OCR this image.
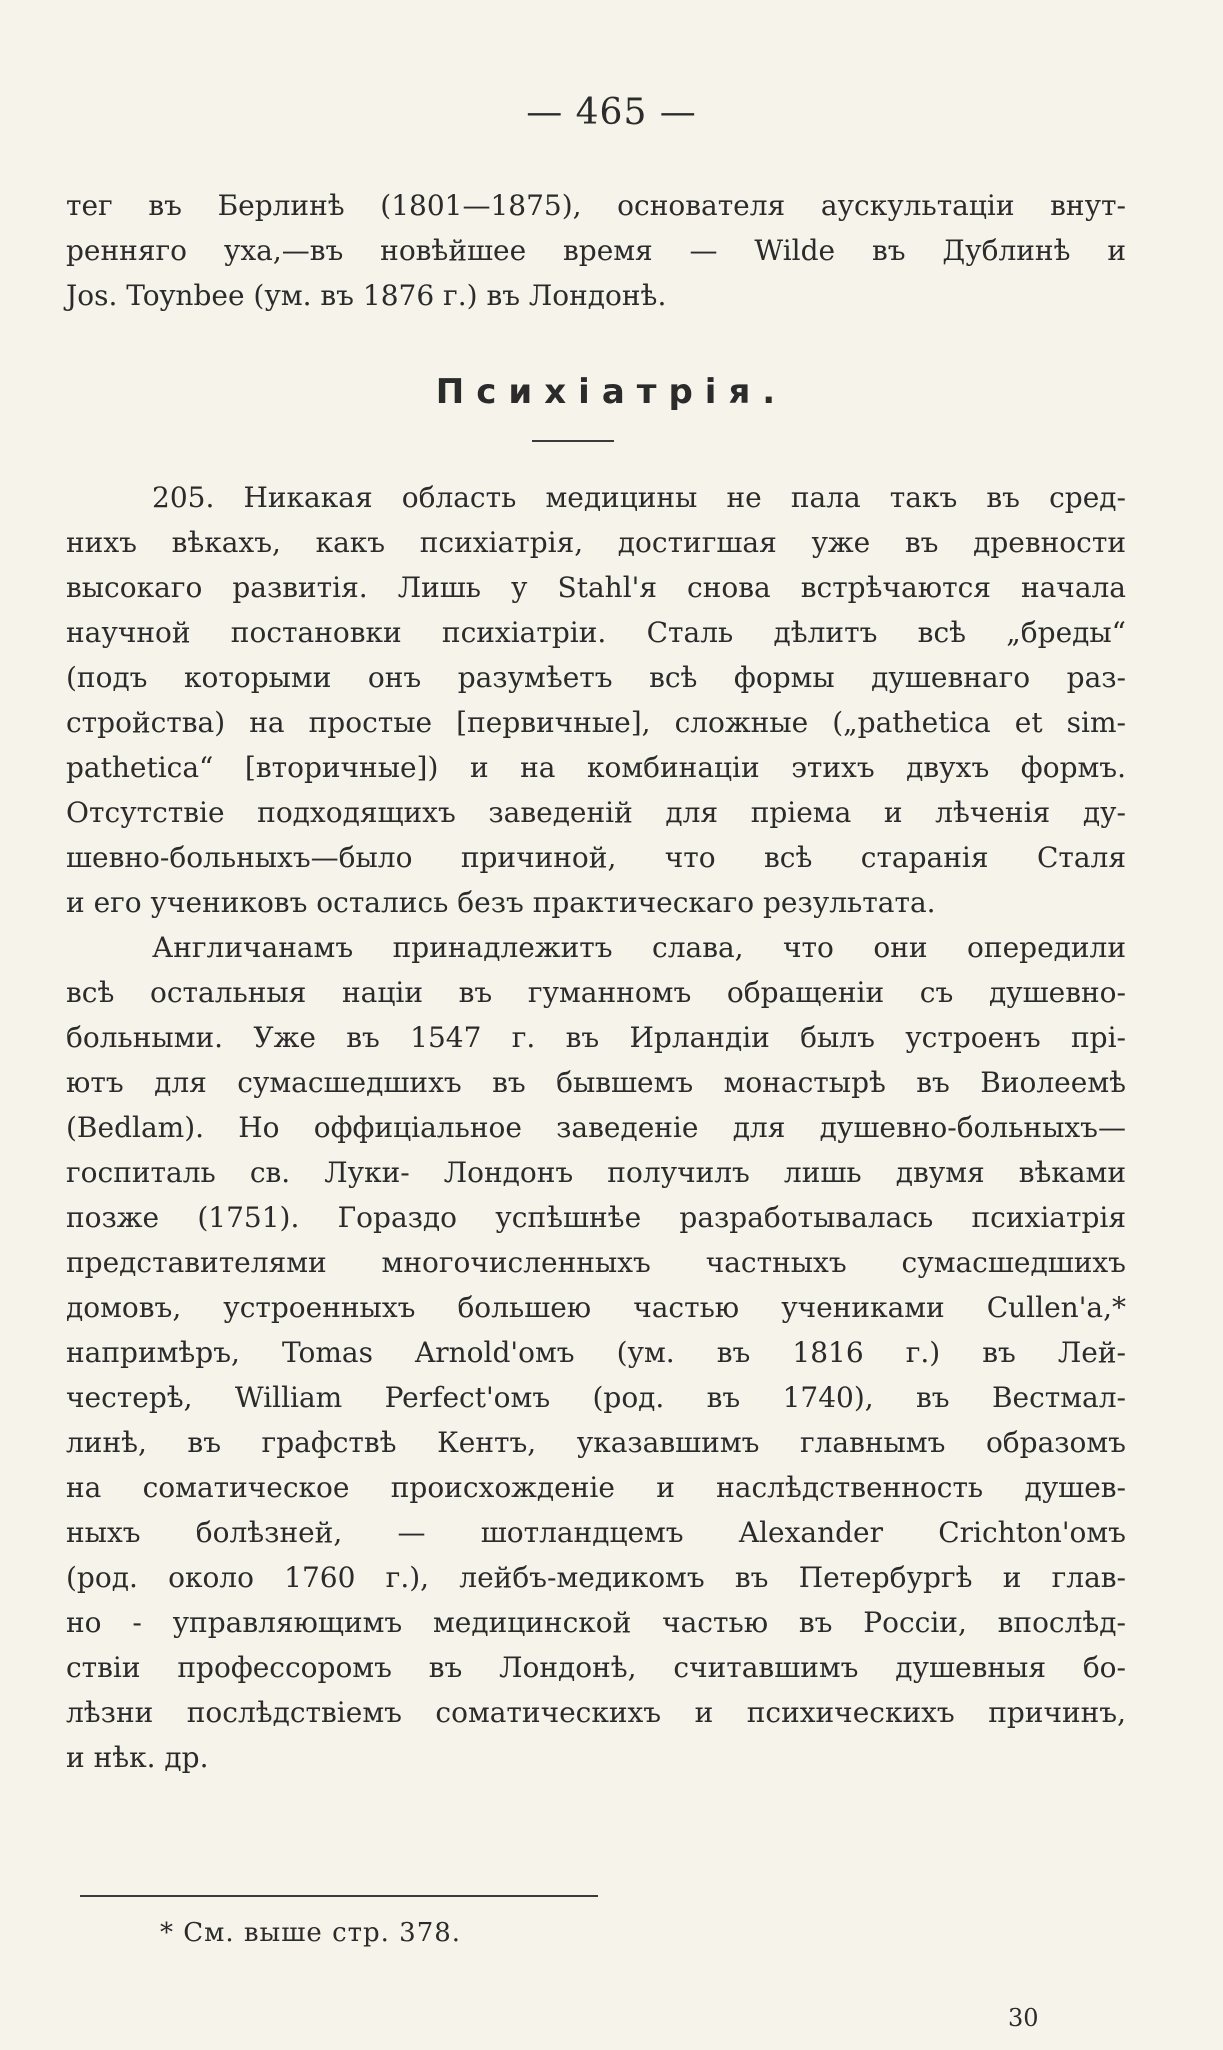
— 465 —
тег въ Берлинѣ (1801—1875), основателя аускультаціи внут-
ренняго уха,—въ новѣйшее время — Wilde въ Дублинѣ и
Jos. Toynbee (ум. въ 1876 г.) въ Лондонѣ.
Психіатрія.
205. Никакая область медицины не пала такъ въ сред-
нихъ вѣкахъ, какъ психіатрія, достигшая уже въ древности
высокаго развитія. Лишь у Stahl'я снова встрѣчаются начала
научной постановки психіатріи. Сталь дѣлитъ всѣ „бреды“
(подъ которыми онъ разумѣетъ всѣ формы душевнаго раз-
стройства) на простые [первичные], сложные („pathetica et sim-
pathetica“ [вторичные]) и на комбинаціи этихъ двухъ формъ.
Отсутствіе подходящихъ заведеній для пріема и лѣченія ду-
шевно-больныхъ—было причиной, что всѣ старанія Сталя
и его учениковъ остались безъ практическаго результата.
Англичанамъ принадлежитъ слава, что они опередили
всѣ остальныя націи въ гуманномъ обращеніи съ душевно-
больными. Уже въ 1547 г. въ Ирландіи былъ устроенъ прі-
ютъ для сумасшедшихъ въ бывшемъ монастырѣ въ Виолеемѣ
(Bedlam). Но оффиціальное заведеніе для душевно-больныхъ—
госпиталь св. Луки- Лондонъ получилъ лишь двумя вѣками
позже (1751). Гораздо успѣшнѣе разработывалась психіатрія
представителями многочисленныхъ частныхъ сумасшедшихъ
домовъ, устроенныхъ большею частью учениками Cullen'a,*
напримѣръ, Tomas Arnold'омъ (ум. въ 1816 г.) въ Лей-
честерѣ, William Perfect'омъ (род. въ 1740), въ Вестмал-
линѣ, въ графствѣ Кентъ, указавшимъ главнымъ образомъ
на соматическое происхожденіе и наслѣдственность душев-
ныхъ болѣзней, — шотландцемъ Alexander Crichton'омъ
(род. около 1760 г.), лейбъ-медикомъ въ Петербургѣ и глав-
но - управляющимъ медицинской частью въ Россіи, впослѣд-
ствіи профессоромъ въ Лондонѣ, считавшимъ душевныя бо-
лѣзни послѣдствіемъ соматическихъ и психическихъ причинъ,
и нѣк. др.
* См. выше стр. 378.
30
